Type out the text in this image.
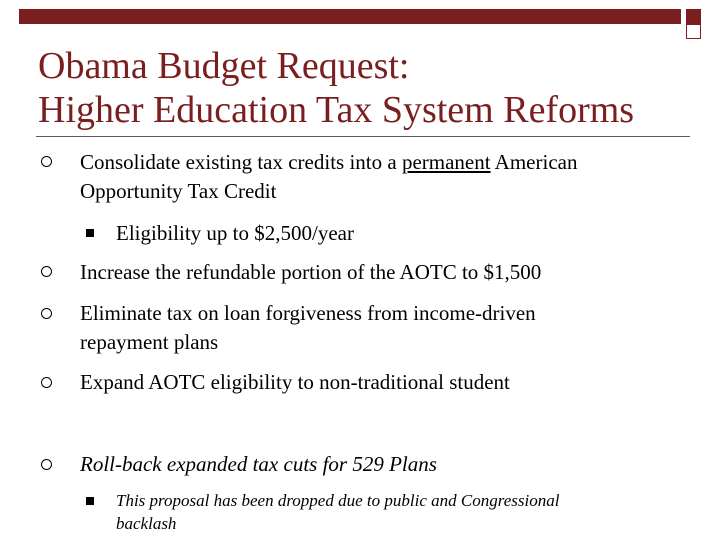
Obama Budget Request:
Higher Education Tax System Reforms
Consolidate existing tax credits into a permanent American
Opportunity Tax Credit
Eligibility up to $2,500/year
Increase the refundable portion of the AOTC to $1,500
Eliminate tax on loan forgiveness from income-driven
repayment plans
Expand AOTC eligibility to non-traditional student
Roll-back expanded tax cuts for 529 Plans
This proposal has been dropped due to public and Congressional
backlash
